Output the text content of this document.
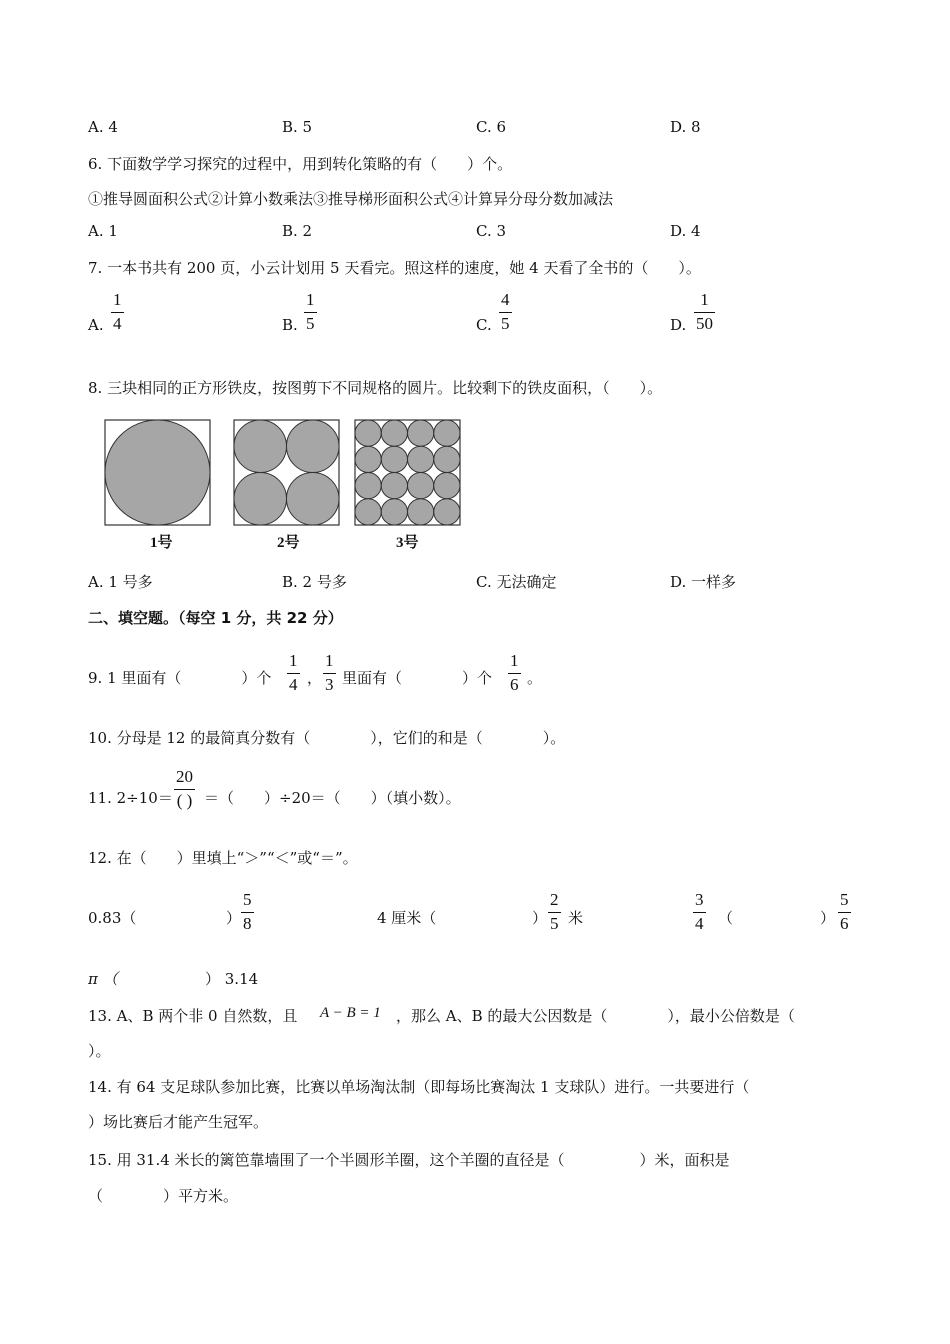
A. 4	B. 5	C. 6	D. 8
6. 下面数学学习探究的过程中，用到转化策略的有（　　）个。
①推导圆面积公式②计算小数乘法③推导梯形面积公式④计算异分母分数加减法
A. 1	B. 2	C. 3	D. 4
7. 一本书共有 200 页，小云计划用 5 天看完。照这样的速度，她 4 天看了全书的（　　）。
A.
1
4	B.
1
5	C.
4
5	D.
1
50
8. 三块相同的正方形铁皮，按图剪下不同规格的圆片。比较剩下的铁皮面积，（　　）。
1号	2号	3号
A. 1 号多	B. 2 号多	C. 无法确定	D. 一样多
二、填空题。（每空 1 分，共 22 分）
9. 1 里面有（　　　　）个
1
4 ，
1
3 里面有（　　　　）个
1
6 。
10. 分母是 12 的最简真分数有（　　　　），它们的和是（　　　　）。
11. 2÷10＝
20
( ) ＝（　　）÷20＝（　　）（填小数）。
12. 在（　　）里填上“＞”“＜”或“＝”。
0.83（	）
5
8	4 厘米（	）
2
5 米
3
4 （	）
5
6
π （	） 3.14
13. A、B 两个非 0 自然数，且 A − B = 1 ，那么 A、B 的最大公因数是（　　　　），最小公倍数是（
）。
14. 有 64 支足球队参加比赛，比赛以单场淘汰制（即每场比赛淘汰 1 支球队）进行。一共要进行（
）场比赛后才能产生冠军。
15. 用 31.4 米长的篱笆靠墙围了一个半圆形羊圈，这个羊圈的直径是（　　　　　）米，面积是
（　　　　）平方米。
